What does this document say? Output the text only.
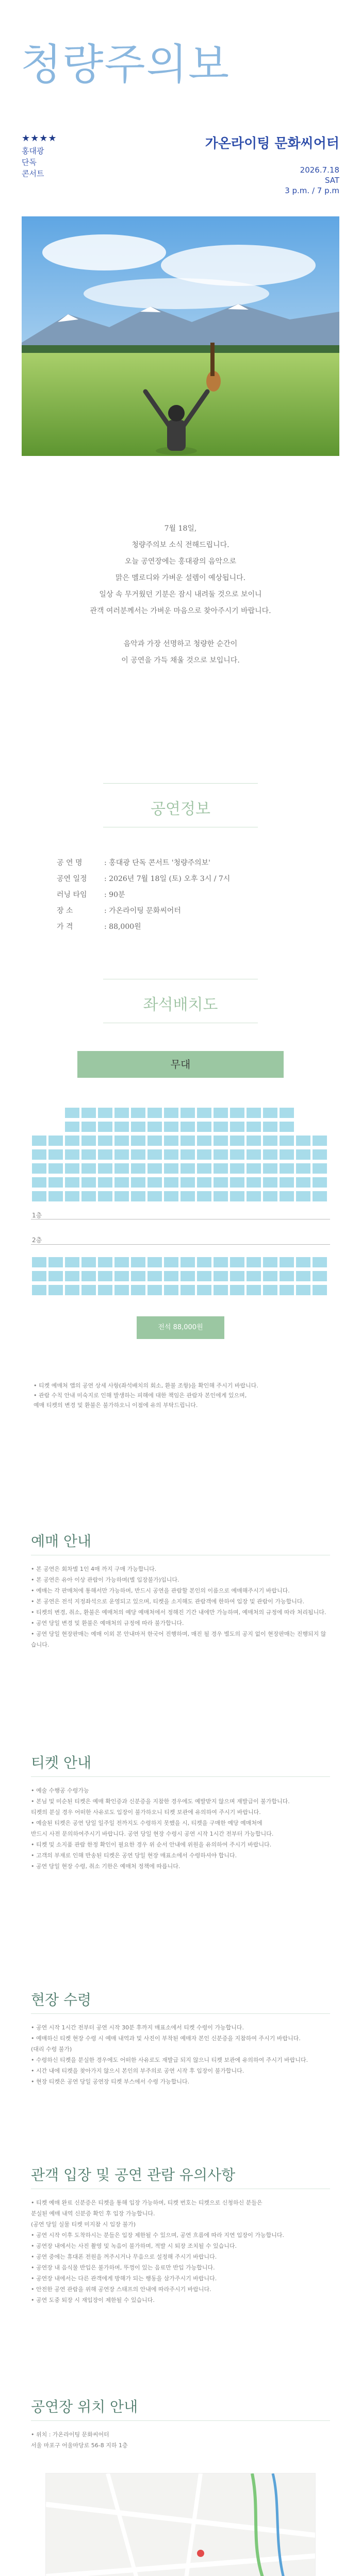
청량주의보
★★★★
홍대광
단독
콘서트
가온라이팅 문화씨어터
2026.7.18
SAT
3 p.m. / 7 p.m
7월 18일,
청량주의보 소식 전해드립니다.
오늘 공연장에는 홍대광의 음악으로
맑은 멜로디와 가벼운 설렘이 예상됩니다.
일상 속 무거웠던 기분은 잠시 내려둘 것으로 보이니
관객 여러분께서는 가벼운 마음으로 찾아주시기 바랍니다.

음악과 가장 선명하고 청량한 순간이
이 공연을 가득 채울 것으로 보입니다.
공연정보
공 연 명	: 홍대광 단독 콘서트 '청량주의보'
공연 일정 : 2026년 7월 18일 (토) 오후 3시 / 7시
러닝 타임 : 90분
장 소	: 가온라이팅 문화씨어터
가 격	: 88,000원
좌석배치도
무대
1층
2층
전석 88,000원
• 티켓 예매처 앱의 공연 상세 사항(좌석배치의 회소, 환불 조항)을 확인해 주시기 바랍니다.
• 관람 수칙 안내 미숙지로 인해 발생하는 피해에 대한 책임은 관람자 본인에게 있으며,
예매 티켓의 변경 및 환불은 불가하오니 이점에 유의 부탁드립니다.
예매 안내
• 본 공연은 회차별 1인 4매 까지 구매 가능합니다.
• 본 공연은 유아 이상 관람이 가능하며(별 입장불가)입니다.
• 예매는 각 판매처에 통해서만 가능하며, 반드시 공연을 관람할 본인의 이름으로 예매해주시기 바랍니다.
• 본 공연은 전석 지정좌석으로 운영되고 있으며, 티켓을 소지해도 관람객에 한하여 입장 및 관람이 가능합니다.
• 티켓의 변경, 취소, 환불은 예매처의 예당 예매처에서 정해진 기간 내에만 가능하며, 예매처의 규정에 따라 처리됩니다.
• 공연 당일 변경 및 환불은 예매처의 규정에 따라 불가합니다.
• 공연 당일 현장판매는 예매 이외 본 안내마저 한국어 진행하며, 매진 될 경우 별도의 공지 없이 현장판매는 진행되지 않습니다.
티켓 안내
• 예술 수행공 수령가능
• 본님 및 미순된 티켓은 예매 확인증과 신분증을 지참한 경우에도 예발받지 않으며 재발급이 불가합니다.
티켓의 분실 경우 어떠한 사유로도 입장이 불가하오니 티켓 보관에 유의하여 주시기 바랍니다.
• 예술된 티켓은 공연 당일 일주일 전까지도 수령하지 못했을 시, 티켓을 구매한 예당 예매처에
반드시 사전 문의하여주시기 바랍니다. 공연 당일 현장 수령시 공연 시작 1시간 전부터 가능합니다.
• 티켓 및 소지품 관람 한정 확인이 필요한 경우 위 순서 안내에 위원을 유의하여 주시기 바랍니다.
• 고객의 부재로 인해 반송된 티켓은 공연 당일 현장 매표소에서 수령하셔야 합니다.
• 공연 당일 현장 수령, 취소 기한은 예매처 정책에 따릅니다.
현장 수령
• 공연 시작 1시간 전부터 공연 시작 30분 후까지 매표소에서 티켓 수령이 가능합니다.
• 예매하신 티켓 현장 수령 시 예매 내역과 및 사진이 부착된 예매자 본인 신분증을 지참하여 주시기 바랍니다.
(대리 수령 불가)
• 수령하신 티켓을 분실한 경우에도 어떠한 사유로도 재발급 되지 않으니 티켓 보관에 유의하여 주시기 바랍니다.
• 시간 내에 티켓을 찾아가지 않으시 본인의 부주의로 공연 시작 후 입장이 불가합니다.
• 현장 티켓은 공연 당일 공연장 티켓 부스에서 수령 가능합니다.
관객 입장 및 공연 관람 유의사항
• 티켓 예매 완료 신분증은 티켓을 통해 입장 가능하며, 티켓 번호는 티켓으로 신청하신 분들은
분실된 예매 내역 신분증 확인 후 입장 가능합니다.
(공연 당일 실물 티켓 미지참 시 입장 불가)
• 공연 시작 이후 도착하시는 분들은 입장 제한될 수 있으며, 공연 흐름에 따라 지연 입장이 가능합니다.
• 공연장 내에서는 사진 촬영 및 녹음이 불가하며, 적발 시 퇴장 조치될 수 있습니다.
• 공연 중에는 휴대폰 전원을 꺼주시거나 무음으로 설정해 주시기 바랍니다.
• 공연장 내 음식물 반입은 불가하며, 뚜껑이 있는 음료만 반입 가능합니다.
• 공연장 내에서는 다른 관객에게 방해가 되는 행동을 삼가주시기 바랍니다.
• 안전한 공연 관람을 위해 공연장 스태프의 안내에 따라주시기 바랍니다.
• 공연 도중 퇴장 시 재입장이 제한될 수 있습니다.
공연장 위치 안내
• 위치 : 가온라이팅 문화씨어터
서울 마포구 어울마당로 56-8 지하 1층
